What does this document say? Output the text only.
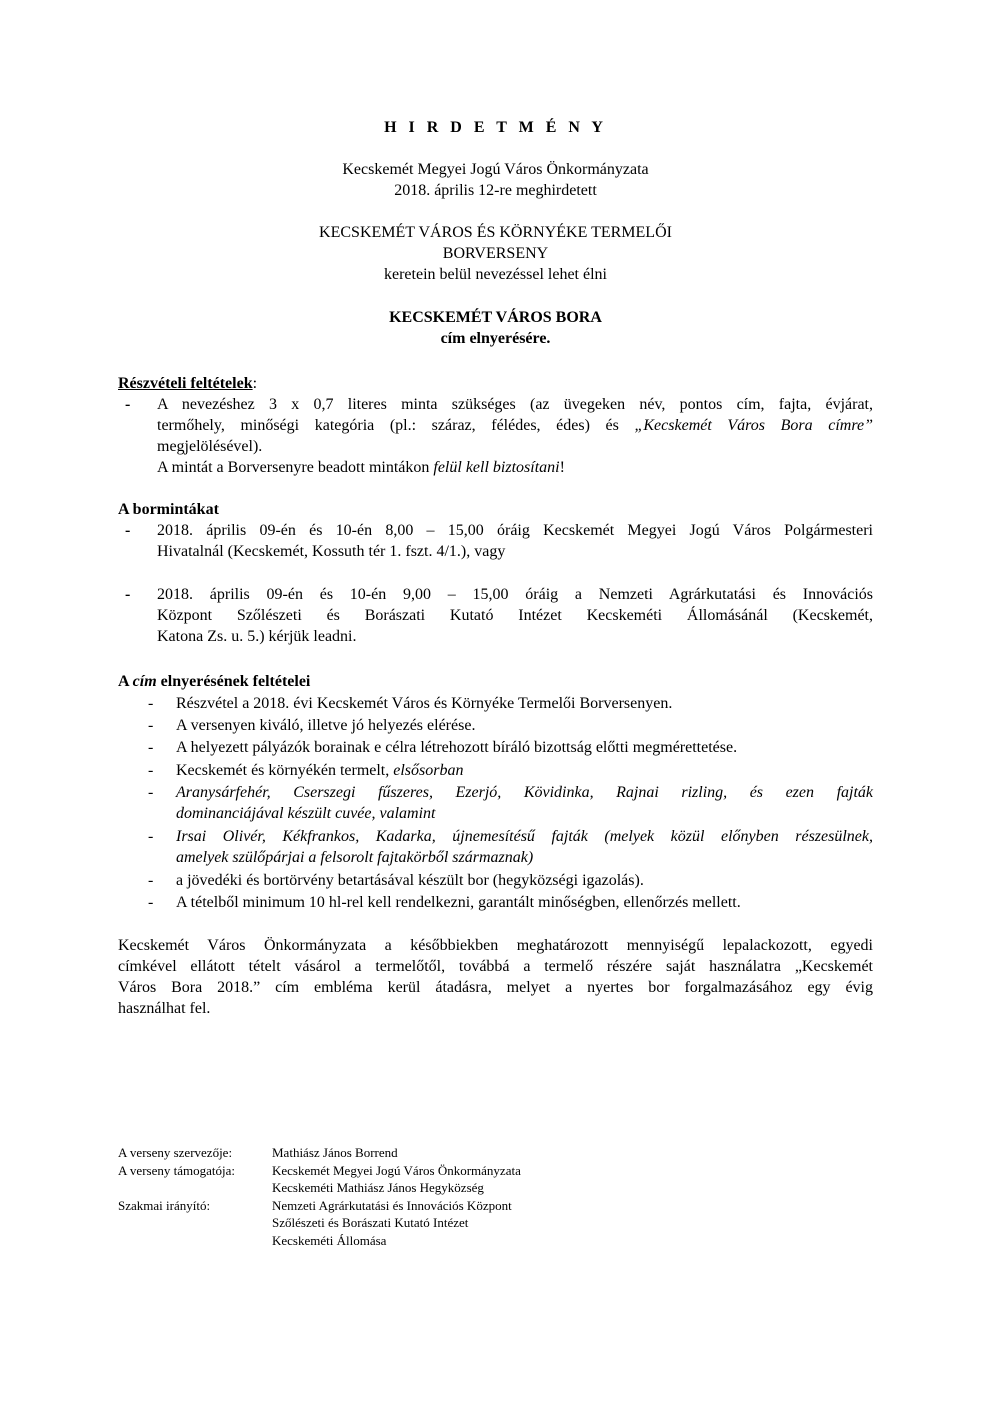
H I R D E T M É N Y
Kecskemét Megyei Jogú Város Önkormányzata
2018. április 12-re meghirdetett
KECSKEMÉT VÁROS ÉS KÖRNYÉKE TERMELŐI
BORVERSENY
keretein belül nevezéssel lehet élni
KECSKEMÉT VÁROS BORA
cím elnyerésére.
Részvételi feltételek:
- A nevezéshez 3 x 0,7 literes minta szükséges (az üvegeken név, pontos cím, fajta, évjárat,
termőhely, minőségi kategória (pl.: száraz, félédes, édes) és „Kecskemét Város Bora címre”
megjelölésével).
A mintát a Borversenyre beadott mintákon felül kell biztosítani!
A bormintákat
- 2018. április 09-én és 10-én 8,00 – 15,00 óráig Kecskemét Megyei Jogú Város Polgármesteri
Hivatalnál (Kecskemét, Kossuth tér 1. fszt. 4/1.), vagy
- 2018. április 09-én és 10-én 9,00 – 15,00 óráig a Nemzeti Agrárkutatási és Innovációs
Központ Szőlészeti és Borászati Kutató Intézet Kecskeméti Állomásánál (Kecskemét,
Katona Zs. u. 5.) kérjük leadni.
A cím elnyerésének feltételei
- Részvétel a 2018. évi Kecskemét Város és Környéke Termelői Borversenyen.
- A versenyen kiváló, illetve jó helyezés elérése.
- A helyezett pályázók borainak e célra létrehozott bíráló bizottság előtti megmérettetése.
- Kecskemét és környékén termelt, elsősorban
- Aranysárfehér, Cserszegi fűszeres, Ezerjó, Kövidinka, Rajnai rizling, és ezen fajták
dominanciájával készült cuvée, valamint
- Irsai Olivér, Kékfrankos, Kadarka, újnemesítésű fajták (melyek közül előnyben részesülnek,
amelyek szülőpárjai a felsorolt fajtakörből származnak)
- a jövedéki és bortörvény betartásával készült bor (hegyközségi igazolás).
- A tételből minimum 10 hl-rel kell rendelkezni, garantált minőségben, ellenőrzés mellett.
Kecskemét Város Önkormányzata a későbbiekben meghatározott mennyiségű lepalackozott, egyedi
címkével ellátott tételt vásárol a termelőtől, továbbá a termelő részére saját használatra „Kecskemét
Város Bora 2018.” cím embléma kerül átadásra, melyet a nyertes bor forgalmazásához egy évig
használhat fel.
A verseny szervezője:	Mathiász János Borrend
A verseny támogatója:	Kecskemét Megyei Jogú Város Önkormányzata
Kecskeméti Mathiász János Hegyközség
Szakmai irányító:	Nemzeti Agrárkutatási és Innovációs Központ
Szőlészeti és Borászati Kutató Intézet
Kecskeméti Állomása
